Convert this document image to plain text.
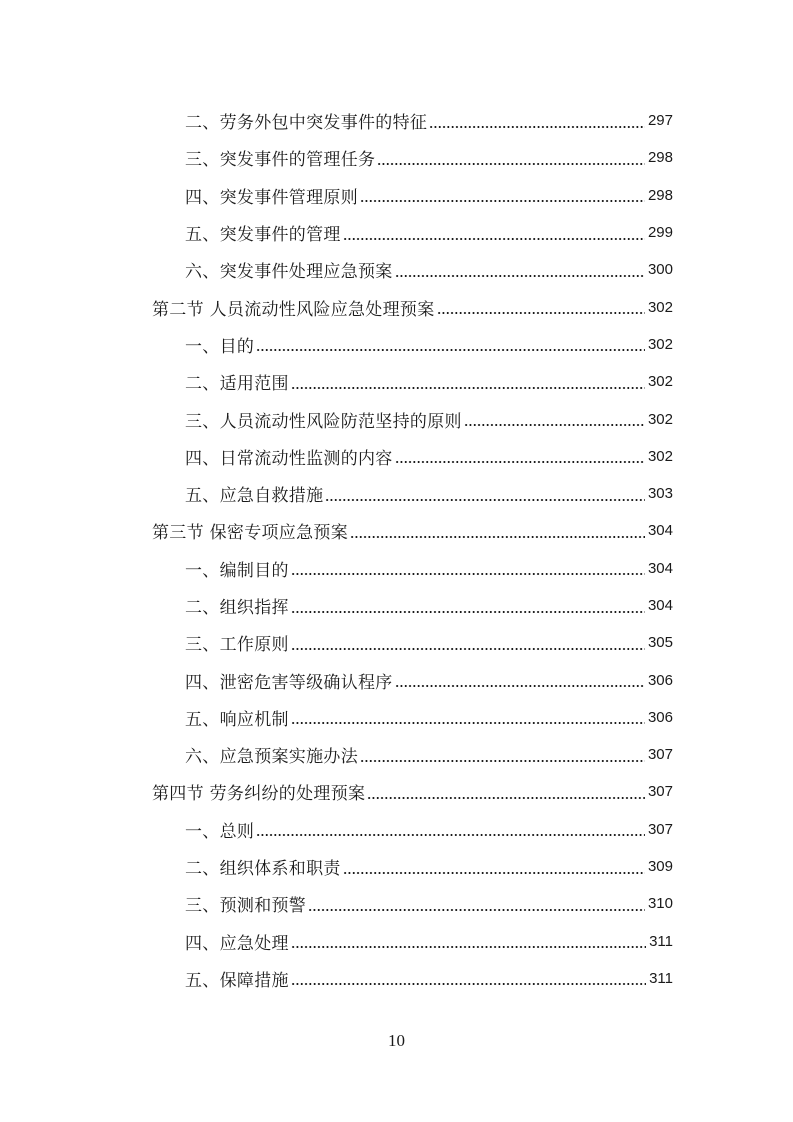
二、劳务外包中突发事件的特征	297
三、突发事件的管理任务	298
四、突发事件管理原则	298
五、突发事件的管理	299
六、突发事件处理应急预案	300
第二节 人员流动性风险应急处理预案	302
一、目的	302
二、适用范围	302
三、人员流动性风险防范坚持的原则	302
四、日常流动性监测的内容	302
五、应急自救措施	303
第三节 保密专项应急预案	304
一、编制目的	304
二、组织指挥	304
三、工作原则	305
四、泄密危害等级确认程序	306
五、响应机制	306
六、应急预案实施办法	307
第四节 劳务纠纷的处理预案	307
一、总则	307
二、组织体系和职责	309
三、预测和预警	310
四、应急处理	311
五、保障措施	311
10
